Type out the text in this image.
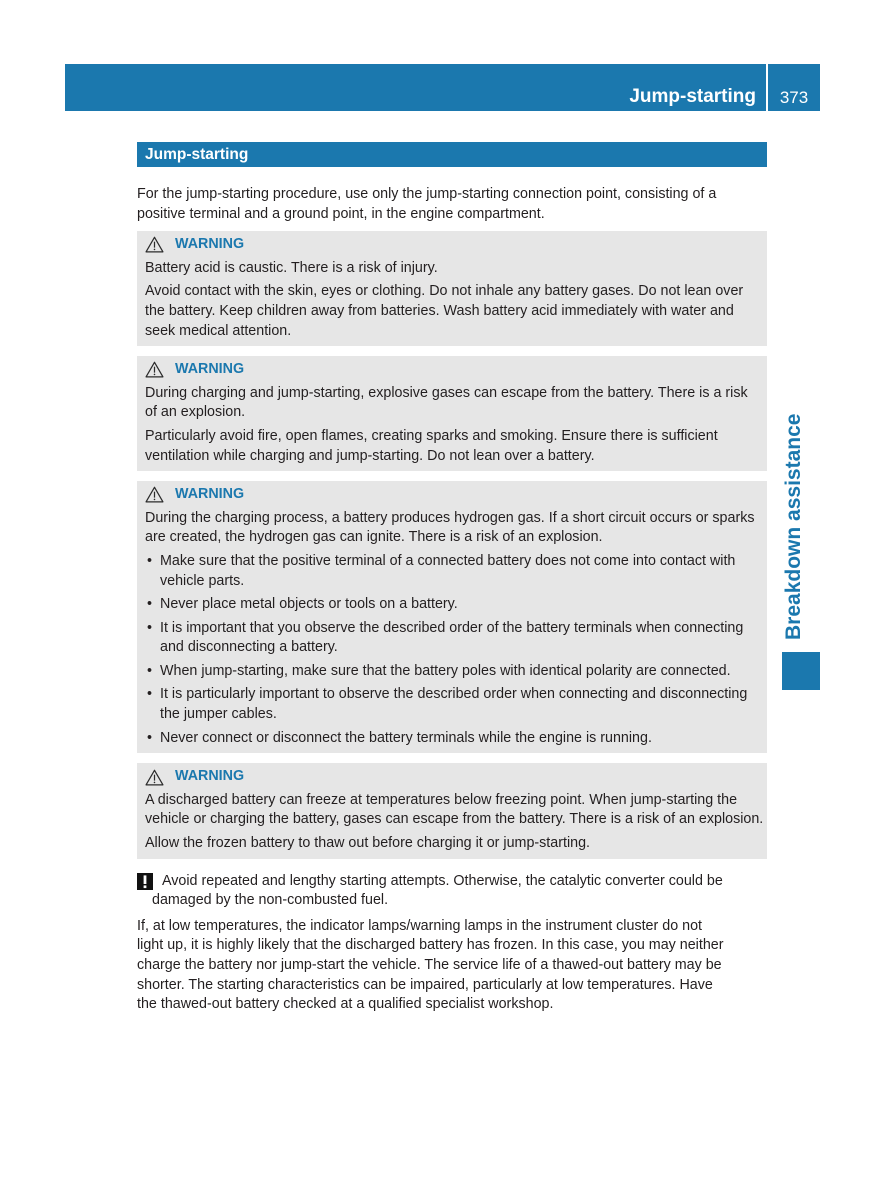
Jump-starting	373
Breakdown assistance
Jump-starting
For the jump-starting procedure, use only the jump-starting connection point, consisting of a
positive terminal and a ground point, in the engine compartment.
WARNING
Battery acid is caustic. There is a risk of injury.
Avoid contact with the skin, eyes or clothing. Do not inhale any battery gases. Do not lean over
the battery. Keep children away from batteries. Wash battery acid immediately with water and
seek medical attention.
WARNING
During charging and jump-starting, explosive gases can escape from the battery. There is a risk
of an explosion.
Particularly avoid fire, open flames, creating sparks and smoking. Ensure there is sufficient
ventilation while charging and jump-starting. Do not lean over a battery.
WARNING
During the charging process, a battery produces hydrogen gas. If a short circuit occurs or sparks
are created, the hydrogen gas can ignite. There is a risk of an explosion.
• Make sure that the positive terminal of a connected battery does not come into contact with
vehicle parts.
• Never place metal objects or tools on a battery.
• It is important that you observe the described order of the battery terminals when connecting
and disconnecting a battery.
• When jump-starting, make sure that the battery poles with identical polarity are connected.
• It is particularly important to observe the described order when connecting and disconnecting
the jumper cables.
• Never connect or disconnect the battery terminals while the engine is running.
WARNING
A discharged battery can freeze at temperatures below freezing point. When jump-starting the
vehicle or charging the battery, gases can escape from the battery. There is a risk of an explosion.
Allow the frozen battery to thaw out before charging it or jump-starting.
Avoid repeated and lengthy starting attempts. Otherwise, the catalytic converter could be
damaged by the non-combusted fuel.
If, at low temperatures, the indicator lamps/warning lamps in the instrument cluster do not
light up, it is highly likely that the discharged battery has frozen. In this case, you may neither
charge the battery nor jump-start the vehicle. The service life of a thawed-out battery may be
shorter. The starting characteristics can be impaired, particularly at low temperatures. Have
the thawed-out battery checked at a qualified specialist workshop.
